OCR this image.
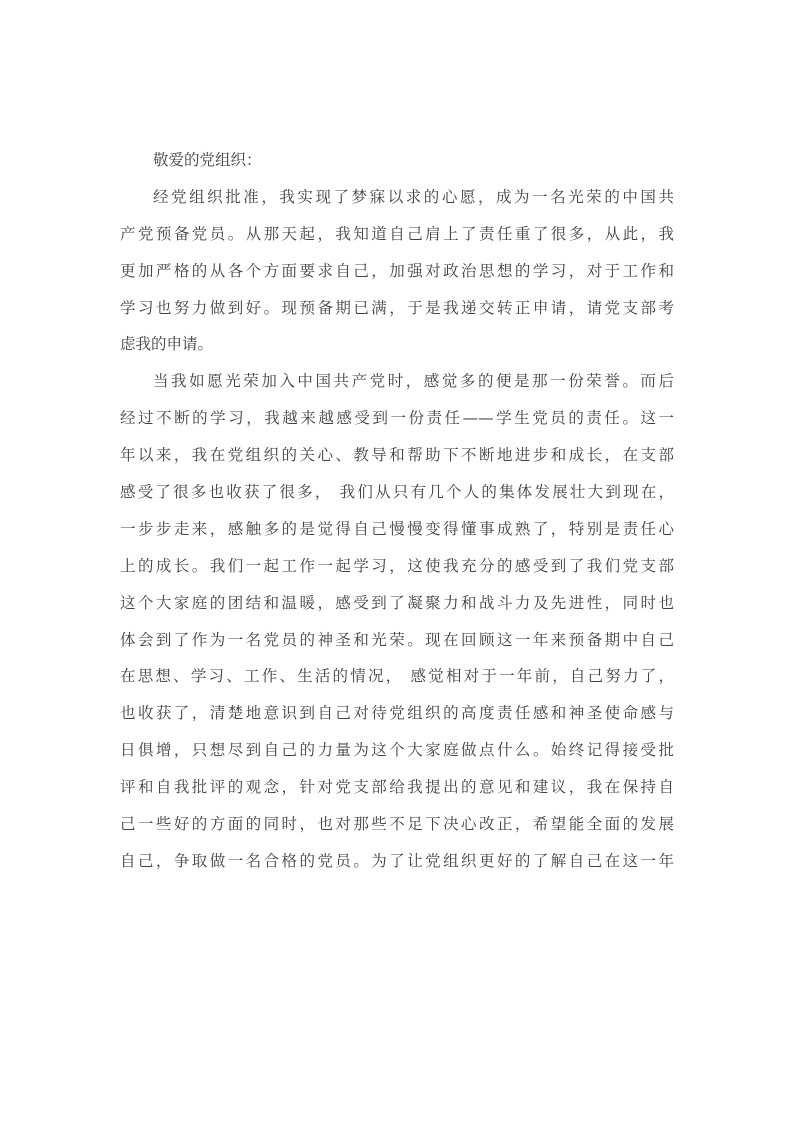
敬爱的党组织：
经党组织批准，我实现了梦寐以求的心愿，成为一名光荣的中国共
产党预备党员。从那天起，我知道自己肩上了责任重了很多，从此，我
更加严格的从各个方面要求自己，加强对政治思想的学习，对于工作和
学习也努力做到好。现预备期已满，于是我递交转正申请，请党支部考
虑我的申请。
当我如愿光荣加入中国共产党时，感觉多的便是那一份荣誉。而后
经过不断的学习，我越来越感受到一份责任——学生党员的责任。这一
年以来，我在党组织的关心、教导和帮助下不断地进步和成长，在支部
感受了很多也收获了很多， 我们从只有几个人的集体发展壮大到现在，
一步步走来，感触多的是觉得自己慢慢变得懂事成熟了，特别是责任心
上的成长。我们一起工作一起学习，这使我充分的感受到了我们党支部
这个大家庭的团结和温暖，感受到了凝聚力和战斗力及先进性，同时也
体会到了作为一名党员的神圣和光荣。现在回顾这一年来预备期中自己
在思想、学习、工作、生活的情况， 感觉相对于一年前，自己努力了，
也收获了，清楚地意识到自己对待党组织的高度责任感和神圣使命感与
日俱增，只想尽到自己的力量为这个大家庭做点什么。始终记得接受批
评和自我批评的观念，针对党支部给我提出的意见和建议，我在保持自
己一些好的方面的同时，也对那些不足下决心改正，希望能全面的发展
自己，争取做一名合格的党员。为了让党组织更好的了解自己在这一年
